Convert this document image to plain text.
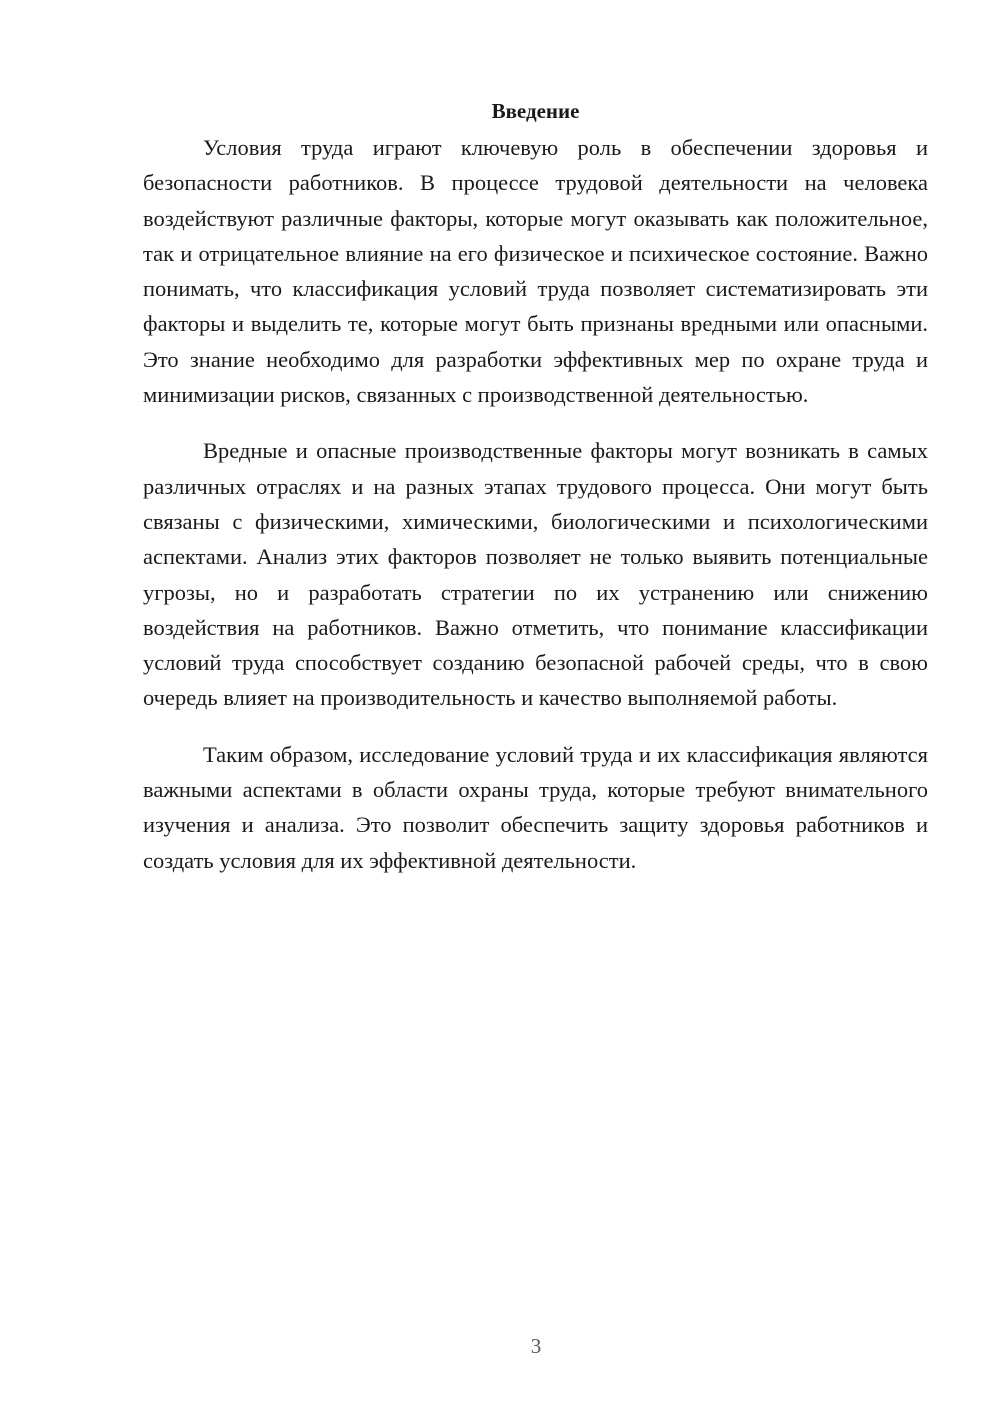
Введение

Условия труда играют ключевую роль в обеспечении здоровья и безопасности работников. В процессе трудовой деятельности на человека воздействуют различные факторы, которые могут оказывать как положительное, так и отрицательное влияние на его физическое и психическое состояние. Важно понимать, что классификация условий труда позволяет систематизировать эти факторы и выделить те, которые могут быть признаны вредными или опасными. Это знание необходимо для разработки эффективных мер по охране труда и минимизации рисков, связанных с производственной деятельностью.

Вредные и опасные производственные факторы могут возникать в самых различных отраслях и на разных этапах трудового процесса. Они могут быть связаны с физическими, химическими, биологическими и психологическими аспектами. Анализ этих факторов позволяет не только выявить потенциальные угрозы, но и разработать стратегии по их устранению или снижению воздействия на работников. Важно отметить, что понимание классификации условий труда способствует созданию безопасной рабочей среды, что в свою очередь влияет на производительность и качество выполняемой работы.

Таким образом, исследование условий труда и их классификация являются важными аспектами в области охраны труда, которые требуют внимательного изучения и анализа. Это позволит обеспечить защиту здоровья работников и создать условия для их эффективной деятельности.

3
